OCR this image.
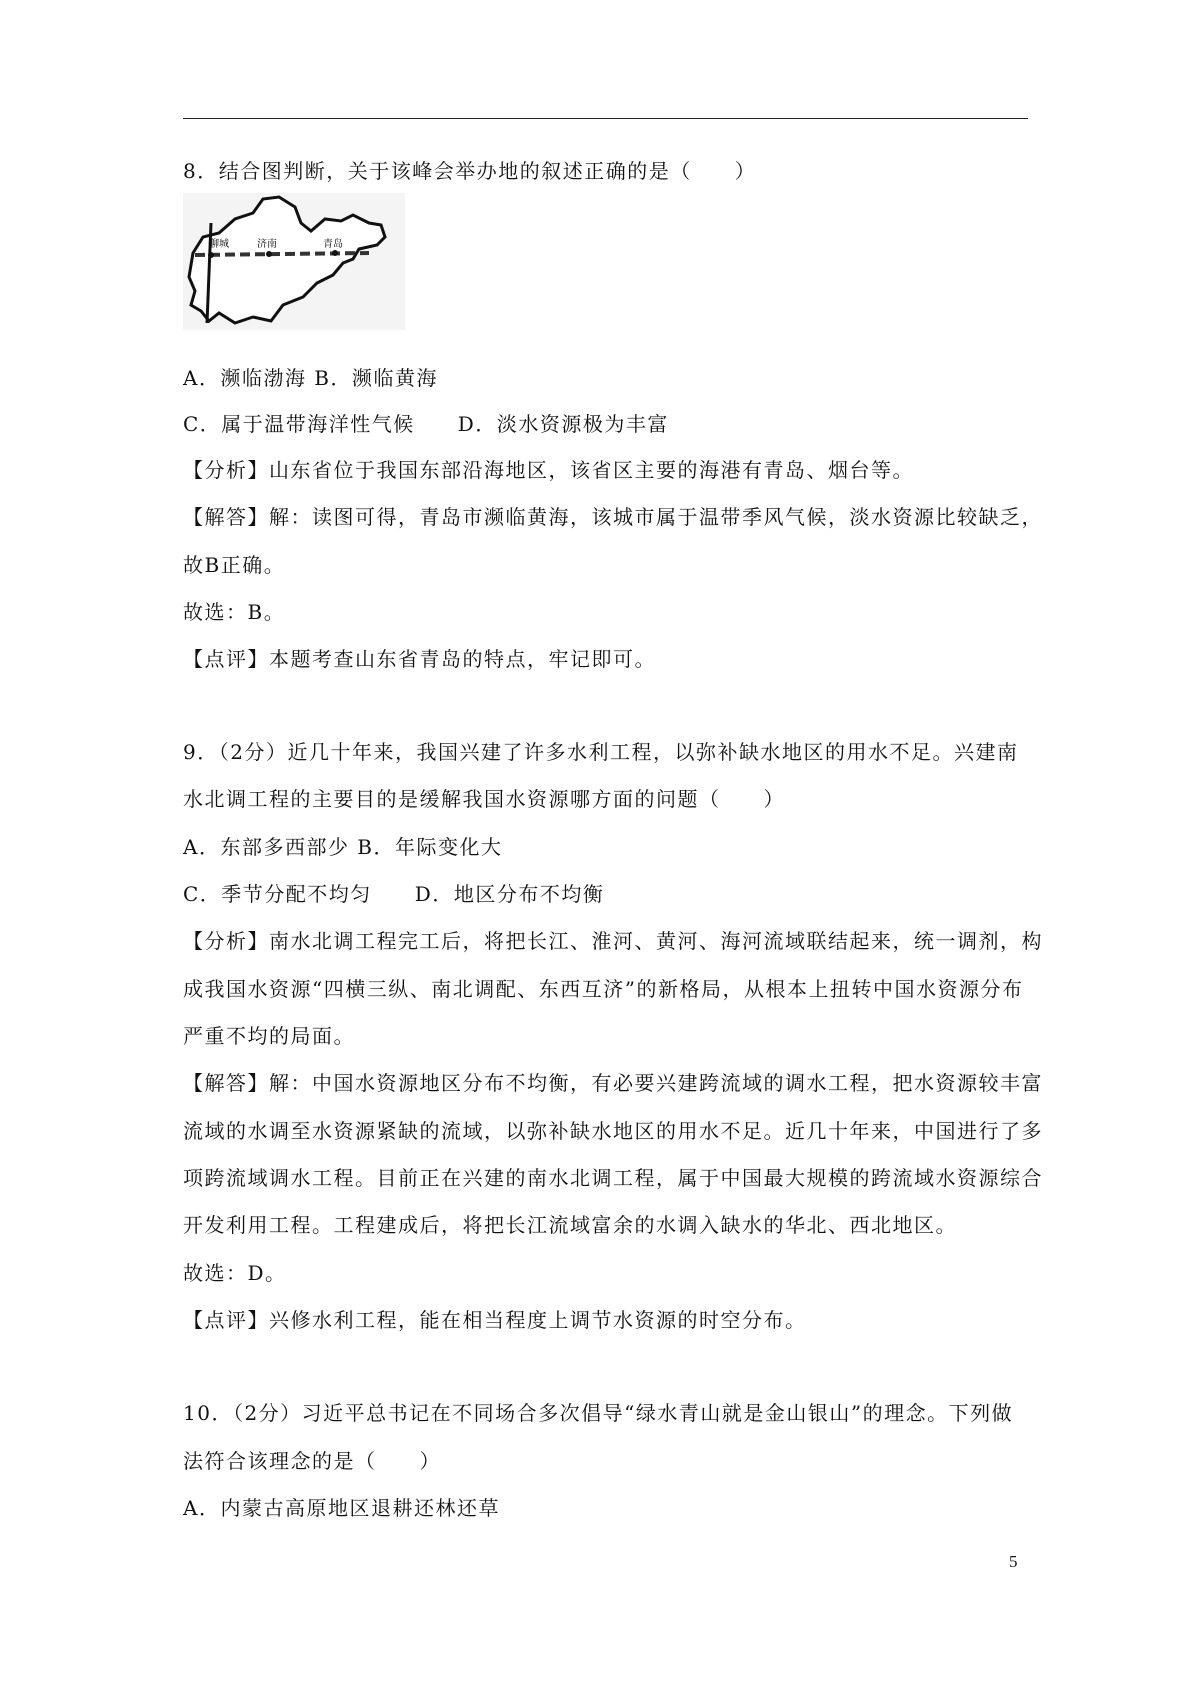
8．结合图判断，关于该峰会举办地的叙述正确的是（　　）
聊城	济南	青岛
A．濒临渤海 B．濒临黄海
C．属于温带海洋性气候　　D．淡水资源极为丰富
【分析】山东省位于我国东部沿海地区，该省区主要的海港有青岛、烟台等。
【解答】解：读图可得，青岛市濒临黄海，该城市属于温带季风气候，淡水资源比较缺乏，
故B正确。
故选：B。
【点评】本题考查山东省青岛的特点，牢记即可。
9．（2分）近几十年来，我国兴建了许多水利工程，以弥补缺水地区的用水不足。兴建南
水北调工程的主要目的是缓解我国水资源哪方面的问题（　　）
A．东部多西部少 B．年际变化大
C．季节分配不均匀　　D．地区分布不均衡
【分析】南水北调工程完工后，将把长江、淮河、黄河、海河流域联结起来，统一调剂，构
成我国水资源“四横三纵、南北调配、东西互济”的新格局，从根本上扭转中国水资源分布
严重不均的局面。
【解答】解：中国水资源地区分布不均衡，有必要兴建跨流域的调水工程，把水资源较丰富
流域的水调至水资源紧缺的流域，以弥补缺水地区的用水不足。近几十年来，中国进行了多
项跨流域调水工程。目前正在兴建的南水北调工程，属于中国最大规模的跨流域水资源综合
开发利用工程。工程建成后，将把长江流域富余的水调入缺水的华北、西北地区。
故选：D。
【点评】兴修水利工程，能在相当程度上调节水资源的时空分布。
10．（2分）习近平总书记在不同场合多次倡导“绿水青山就是金山银山”的理念。下列做
法符合该理念的是（　　）
A．内蒙古高原地区退耕还林还草
5
